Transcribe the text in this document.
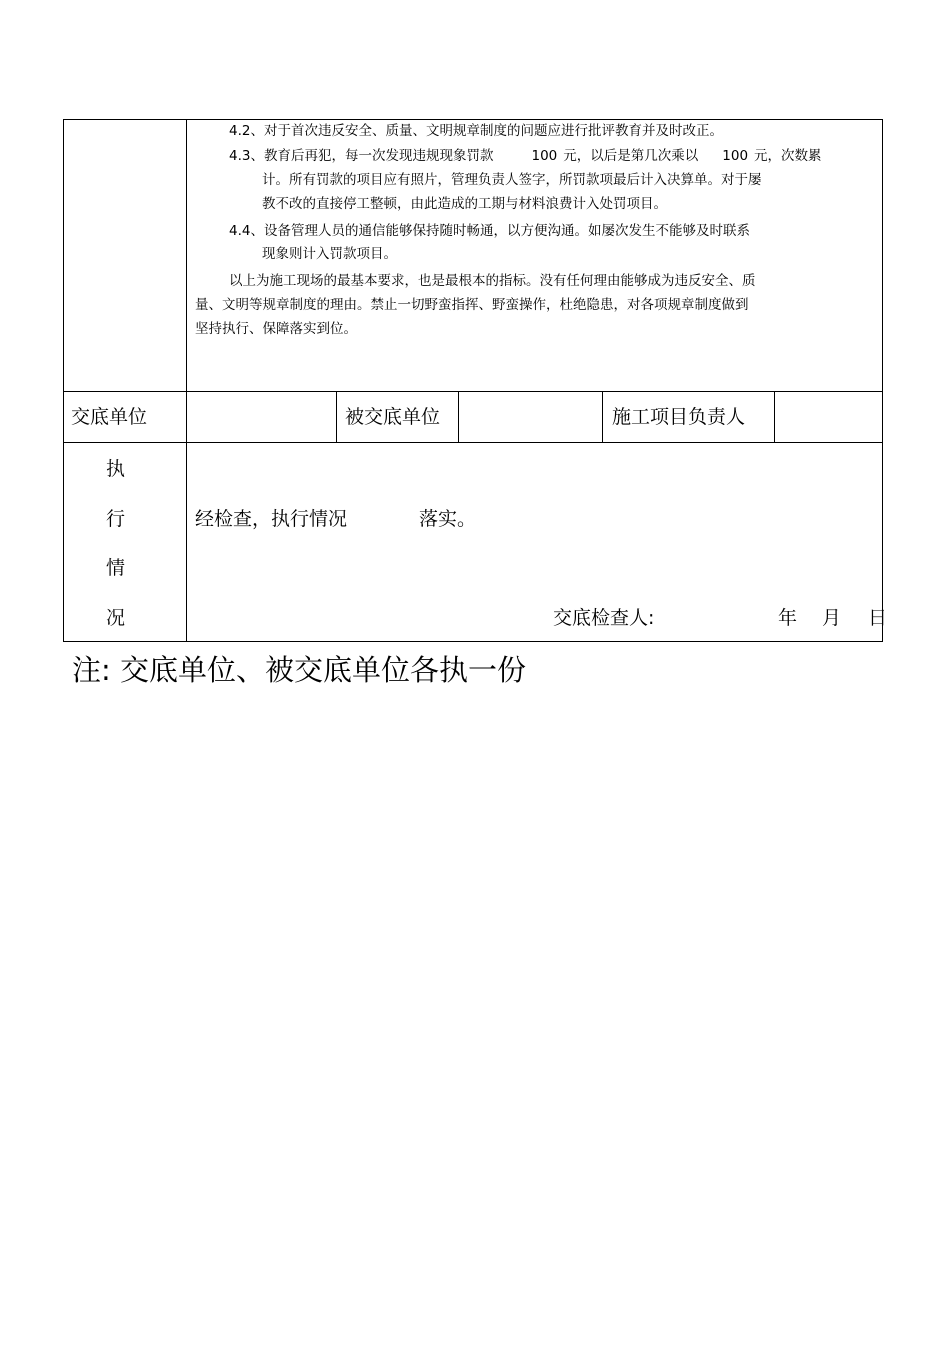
4.2、对于首次违反安全、质量、文明规章制度的问题应进行批评教育并及时改正。
4.3、教育后再犯，每一次发现违规现象罚款	100 元，以后是第几次乘以 100 元，次数累
计。所有罚款的项目应有照片，管理负责人签字，所罚款项最后计入决算单。对于屡
教不改的直接停工整顿，由此造成的工期与材料浪费计入处罚项目。
4.4、设备管理人员的通信能够保持随时畅通，以方便沟通。如屡次发生不能够及时联系
现象则计入罚款项目。
以上为施工现场的最基本要求，也是最根本的指标。没有任何理由能够成为违反安全、质
量、文明等规章制度的理由。禁止一切野蛮指挥、野蛮操作，杜绝隐患，对各项规章制度做到
坚持执行、保障落实到位。
交底单位	被交底单位	施工项目负责人
执
行
情
况
经检查，执行情况	落实。
交底检查人:	年 月 日
注: 交底单位、被交底单位各执一份
